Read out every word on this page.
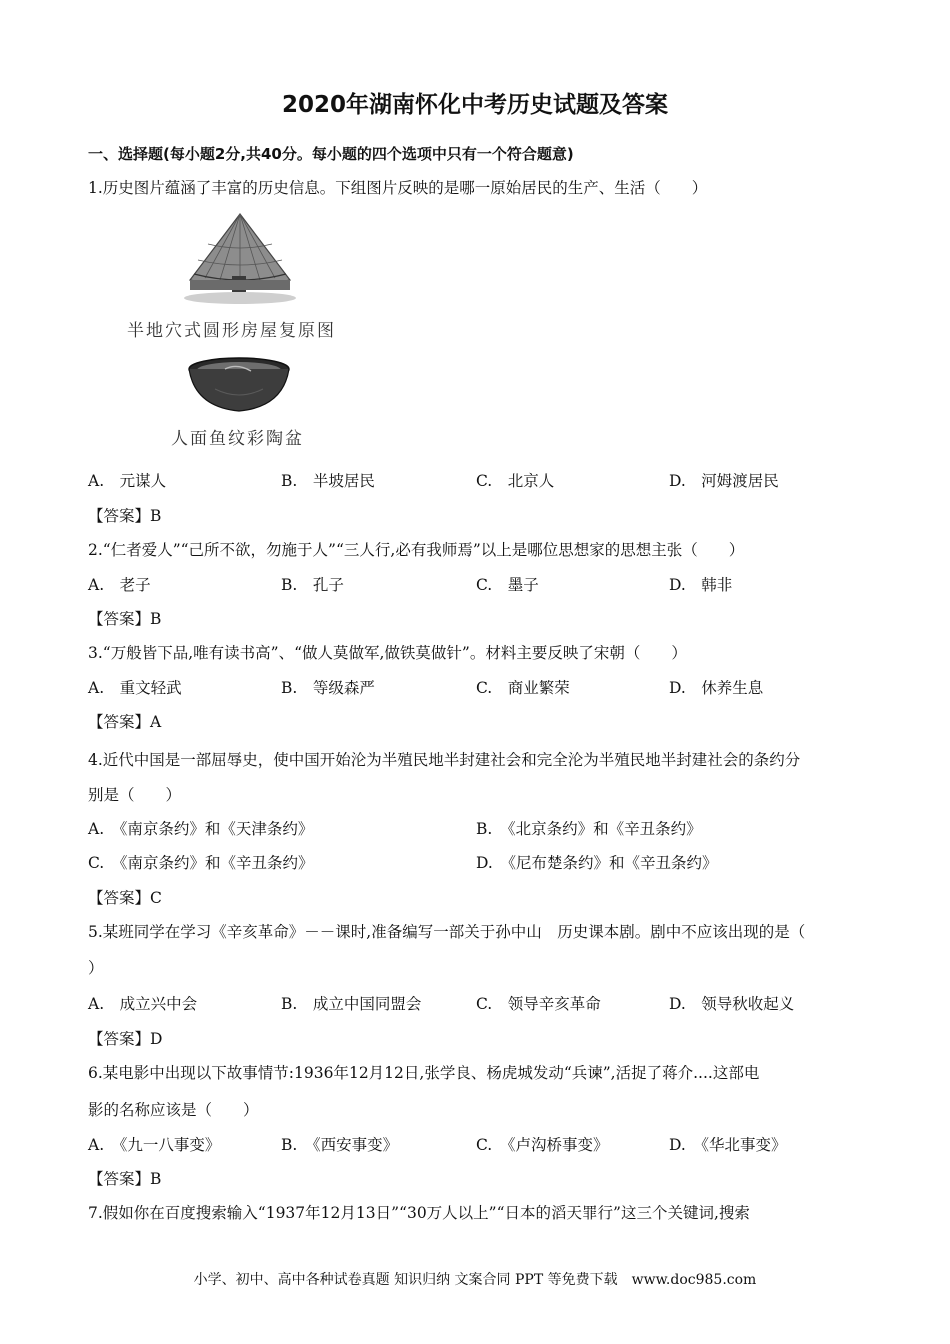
2020年湖南怀化中考历史试题及答案
一、选择题(每小题2分,共40分。每小题的四个选项中只有一个符合题意)
1.历史图片蕴涵了丰富的历史信息。下组图片反映的是哪一原始居民的生产、生活（　　）
半地穴式圆形房屋复原图
人面鱼纹彩陶盆
A.　元谋人	B.　半坡居民	C.　北京人	D.　河姆渡居民
【答案】B
2.“仁者爱人”“己所不欲，勿施于人”“三人行,必有我师焉”以上是哪位思想家的思想主张（　　）
A.　老子	B.　孔子	C.　墨子	D.　韩非
【答案】B
3.“万般皆下品,唯有读书高”、“做人莫做军,做铁莫做针”。材料主要反映了宋朝（　　）
A.　重文轻武	B.　等级森严	C.　商业繁荣	D.　休养生息
【答案】A
4.近代中国是一部屈辱史，使中国开始沦为半殖民地半封建社会和完全沦为半殖民地半封建社会的条约分
别是（　　）
A.　《南京条约》和《天津条约》	B.　《北京条约》和《辛丑条约》
C.　《南京条约》和《辛丑条约》	D.　《尼布楚条约》和《辛丑条约》
【答案】C
5.某班同学在学习《辛亥革命》－－课时,准备编写一部关于孙中山　历史课本剧。剧中不应该出现的是（
）
A.　成立兴中会	B.　成立中国同盟会	C.　领导辛亥革命	D.　领导秋收起义
【答案】D
6.某电影中出现以下故事情节:1936年12月12日,张学良、杨虎城发动“兵谏”,活捉了蒋介....这部电
影的名称应该是（　　）
A.　《九一八事变》	B.　《西安事变》	C.　《卢沟桥事变》	D.　《华北事变》
【答案】B
7.假如你在百度搜索输入“1937年12月13日”“30万人以上”“日本的滔天罪行”这三个关键词,搜索
小学、初中、高中各种试卷真题 知识归纳 文案合同 PPT 等免费下载　www.doc985.com
